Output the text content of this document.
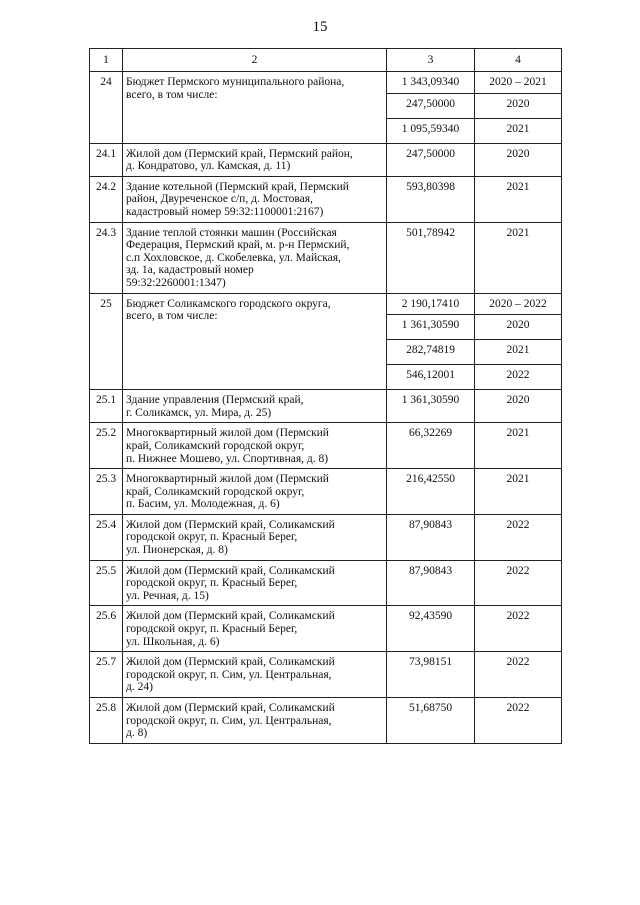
15
1	2	3	4
24	Бюджет Пермского муниципального района,
всего, в том числе:	1 343,09340	2020 – 2021
		247,50000	2020
		1 095,59340	2021
24.1	Жилой дом (Пермский край, Пермский район,
д. Кондратово, ул. Камская, д. 11)	247,50000	2020
24.2	Здание котельной (Пермский край, Пермский
район, Двуреченское с/п, д. Мостовая,
кадастровый номер 59:32:1100001:2167)	593,80398	2021
24.3	Здание теплой стоянки машин (Российская
Федерация, Пермский край, м. р-н Пермский,
с.п Хохловское, д. Скобелевка, ул. Майская,
зд. 1а, кадастровый номер
59:32:2260001:1347)	501,78942	2021
25	Бюджет Соликамского городского округа,
всего, в том числе:	2 190,17410	2020 – 2022
		1 361,30590	2020
		282,74819	2021
		546,12001	2022
25.1	Здание управления (Пермский край,
г. Соликамск, ул. Мира, д. 25)	1 361,30590	2020
25.2	Многоквартирный жилой дом (Пермский
край, Соликамский городской округ,
п. Нижнее Мошево, ул. Спортивная, д. 8)	66,32269	2021
25.3	Многоквартирный жилой дом (Пермский
край, Соликамский городской округ,
п. Басим, ул. Молодежная, д. 6)	216,42550	2021
25.4	Жилой дом (Пермский край, Соликамский
городской округ, п. Красный Берег,
ул. Пионерская, д. 8)	87,90843	2022
25.5	Жилой дом (Пермский край, Соликамский
городской округ, п. Красный Берег,
ул. Речная, д. 15)	87,90843	2022
25.6	Жилой дом (Пермский край, Соликамский
городской округ, п. Красный Берег,
ул. Школьная, д. 6)	92,43590	2022
25.7	Жилой дом (Пермский край, Соликамский
городской округ, п. Сим, ул. Центральная,
д. 24)	73,98151	2022
25.8	Жилой дом (Пермский край, Соликамский
городской округ, п. Сим, ул. Центральная,
д. 8)	51,68750	2022
